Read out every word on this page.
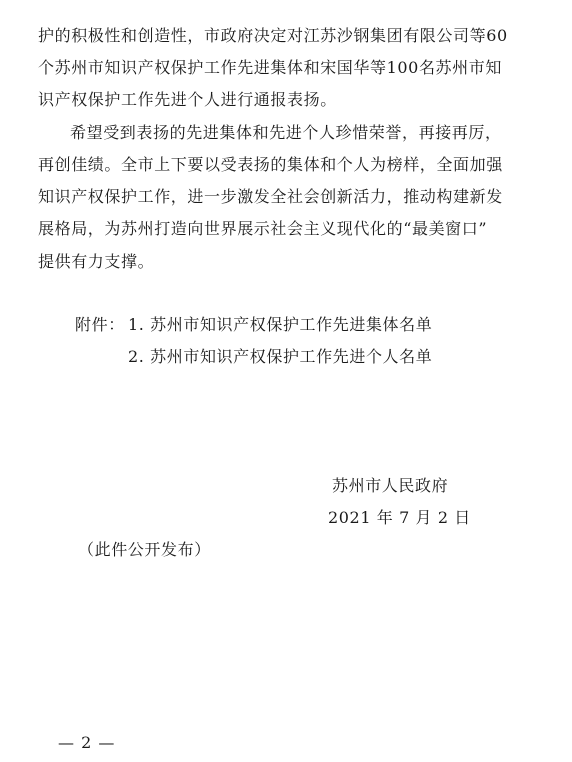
护的积极性和创造性，市政府决定对江苏沙钢集团有限公司等60
个苏州市知识产权保护工作先进集体和宋国华等100名苏州市知
识产权保护工作先进个人进行通报表扬。
希望受到表扬的先进集体和先进个人珍惜荣誉，再接再厉，
再创佳绩。全市上下要以受表扬的集体和个人为榜样，全面加强
知识产权保护工作，进一步激发全社会创新活力，推动构建新发
展格局，为苏州打造向世界展示社会主义现代化的“最美窗口”
提供有力支撑。
附件： 1. 苏州市知识产权保护工作先进集体名单
2. 苏州市知识产权保护工作先进个人名单
苏州市人民政府
2021 年 7 月 2 日
（此件公开发布）
— 2 —
